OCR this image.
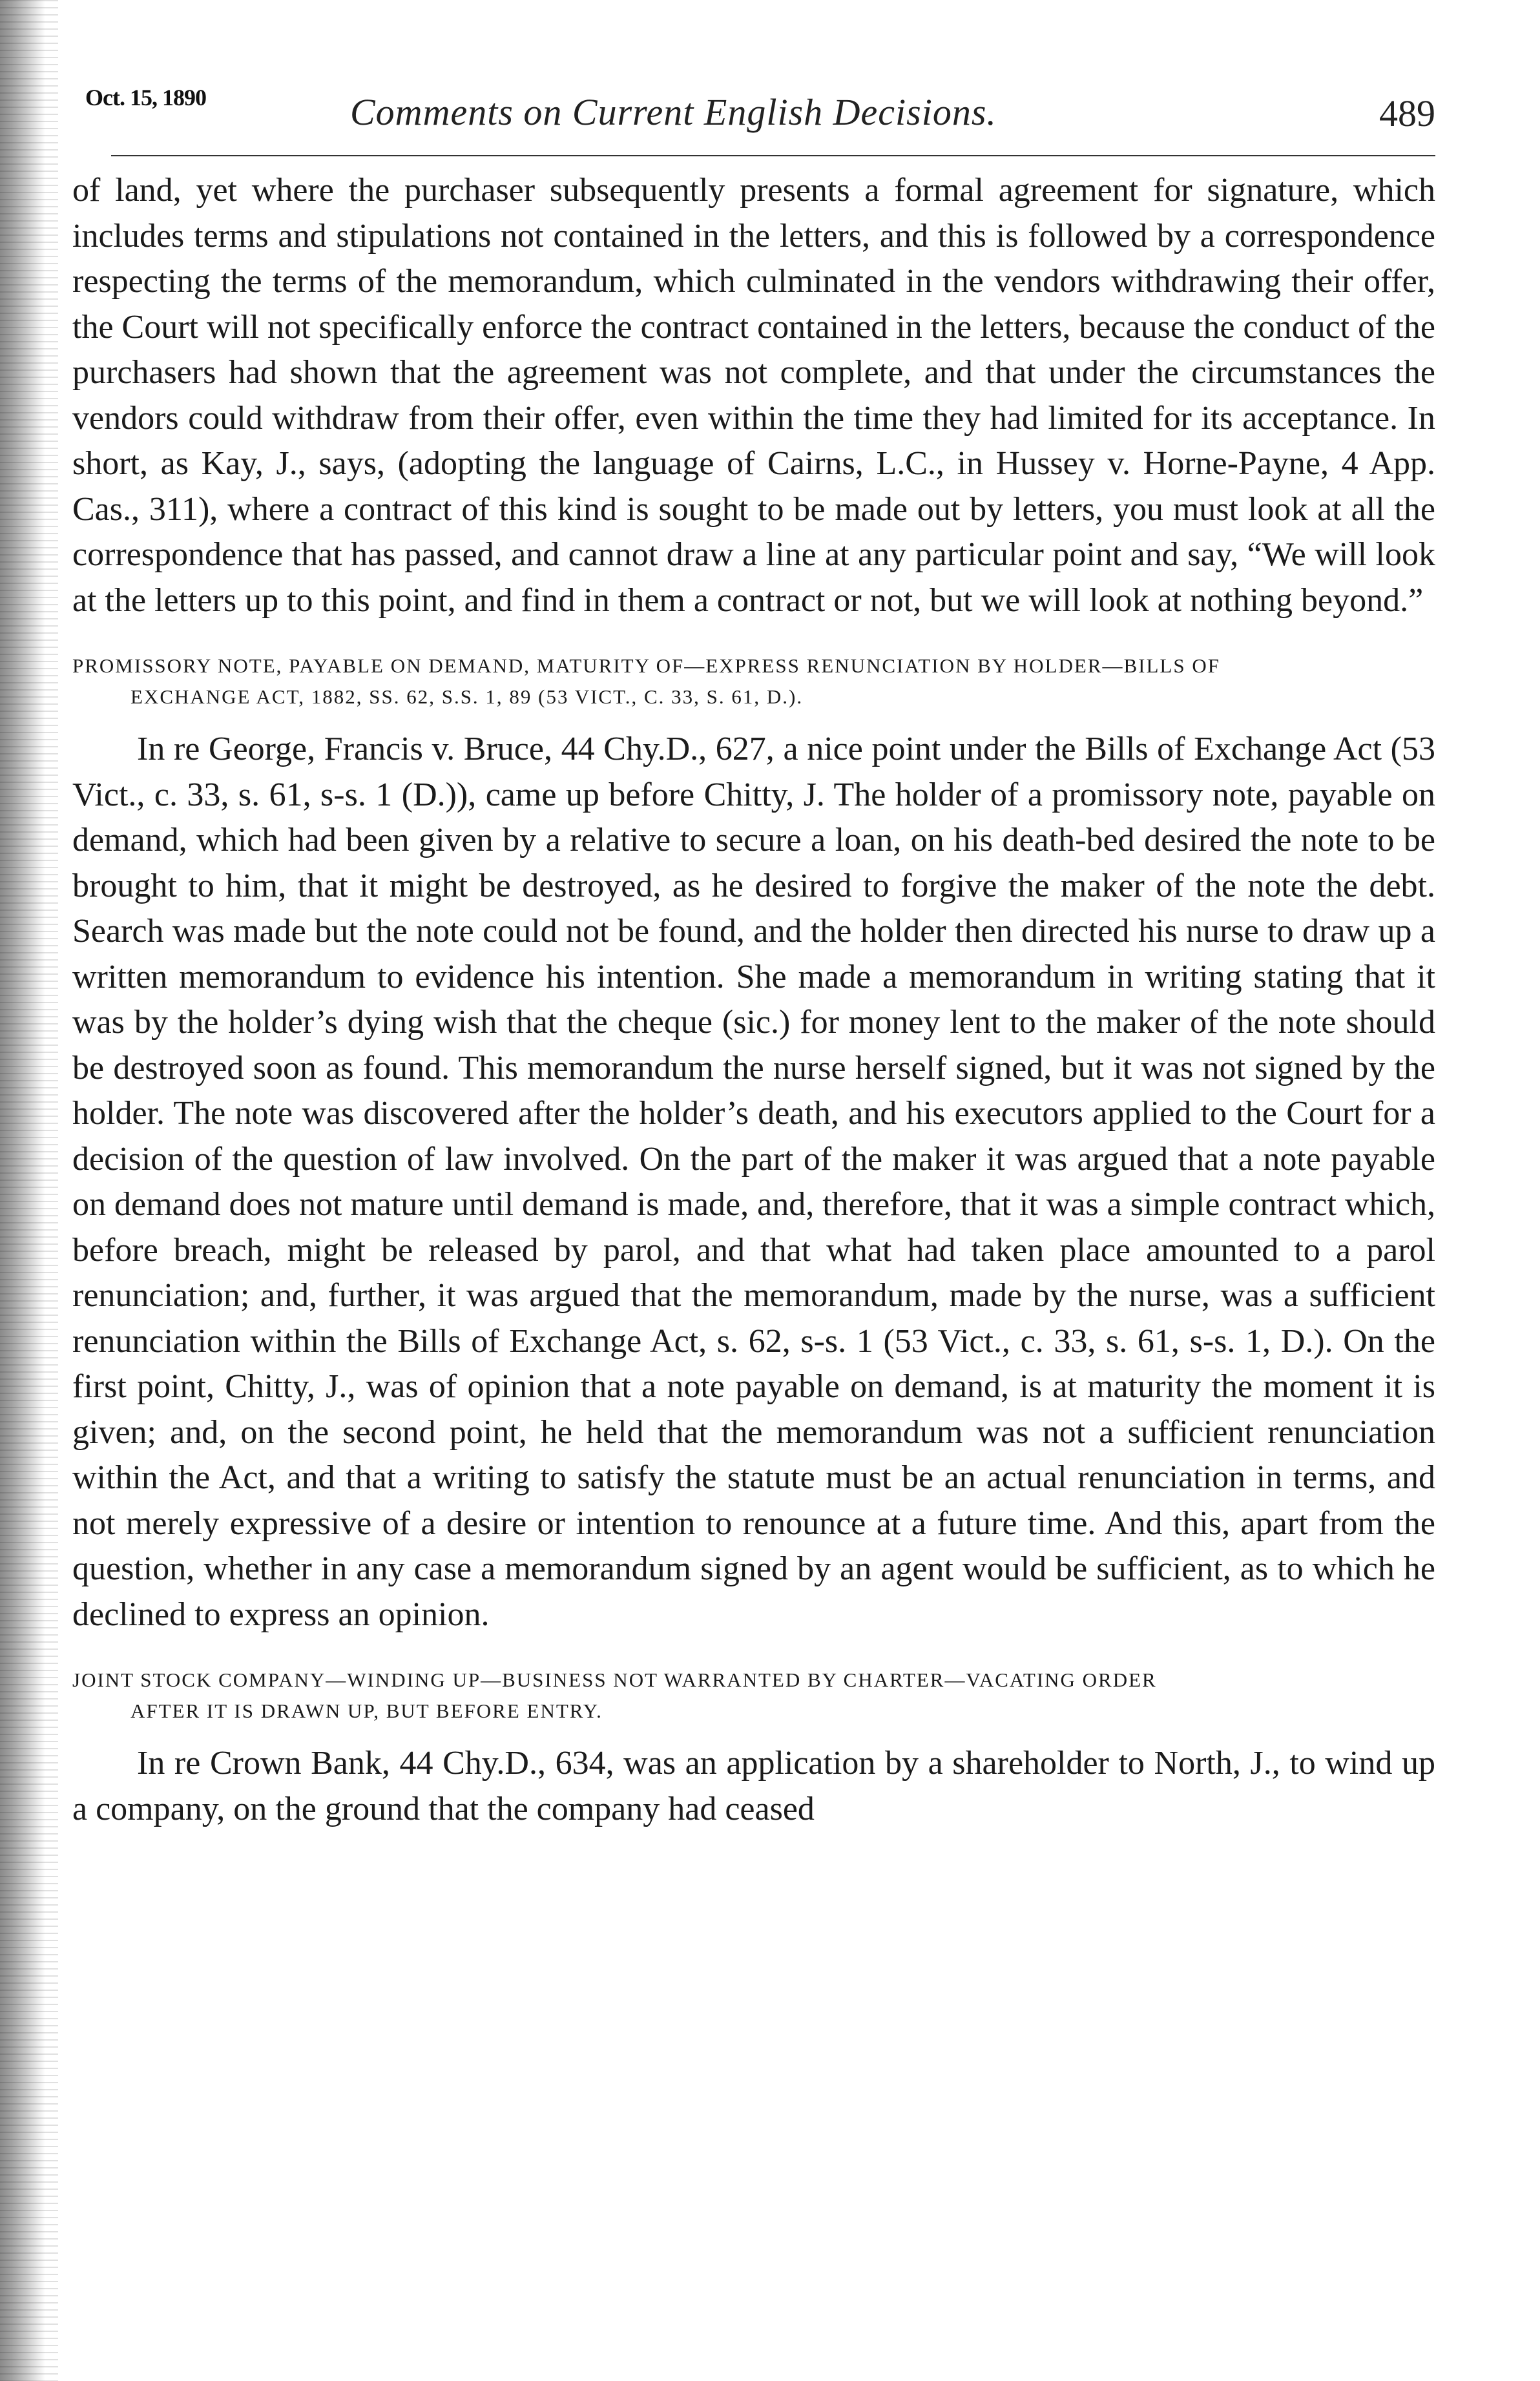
Oct. 15, 1890	Comments on Current English Decisions.	489

of land, yet where the purchaser subsequently presents a formal agreement for signature, which includes terms and stipulations not contained in the letters, and this is followed by a correspondence respecting the terms of the memorandum, which culminated in the vendors withdrawing their offer, the Court will not specifically enforce the contract contained in the letters, because the conduct of the purchasers had shown that the agreement was not complete, and that under the circumstances the vendors could withdraw from their offer, even within the time they had limited for its acceptance. In short, as Kay, J., says, (adopting the language of Cairns, L.C., in Hussey v. Horne-Payne, 4 App. Cas., 311), where a contract of this kind is sought to be made out by letters, you must look at all the correspondence that has passed, and cannot draw a line at any particular point and say, “We will look at the letters up to this point, and find in them a contract or not, but we will look at nothing beyond.”

PROMISSORY NOTE, PAYABLE ON DEMAND, MATURITY OF—EXPRESS RENUNCIATION BY HOLDER—BILLS OF
EXCHANGE ACT, 1882, SS. 62, S.S. 1, 89 (53 VICT., C. 33, S. 61, D.).

In re George, Francis v. Bruce, 44 Chy.D., 627, a nice point under the Bills of Exchange Act (53 Vict., c. 33, s. 61, s-s. 1 (D.)), came up before Chitty, J. The holder of a promissory note, payable on demand, which had been given by a relative to secure a loan, on his death-bed desired the note to be brought to him, that it might be destroyed, as he desired to forgive the maker of the note the debt. Search was made but the note could not be found, and the holder then directed his nurse to draw up a written memorandum to evidence his intention. She made a memorandum in writing stating that it was by the holder’s dying wish that the cheque (sic.) for money lent to the maker of the note should be destroyed soon as found. This memorandum the nurse herself signed, but it was not signed by the holder. The note was discovered after the holder’s death, and his executors applied to the Court for a decision of the question of law involved. On the part of the maker it was argued that a note payable on demand does not mature until demand is made, and, therefore, that it was a simple contract which, before breach, might be released by parol, and that what had taken place amounted to a parol renunciation; and, further, it was argued that the memorandum, made by the nurse, was a sufficient renunciation within the Bills of Exchange Act, s. 62, s-s. 1 (53 Vict., c. 33, s. 61, s-s. 1, D.). On the first point, Chitty, J., was of opinion that a note payable on demand, is at maturity the moment it is given; and, on the second point, he held that the memorandum was not a sufficient renunciation within the Act, and that a writing to satisfy the statute must be an actual renunciation in terms, and not merely expressive of a desire or intention to renounce at a future time. And this, apart from the question, whether in any case a memorandum signed by an agent would be sufficient, as to which he declined to express an opinion.

JOINT STOCK COMPANY—WINDING UP—BUSINESS NOT WARRANTED BY CHARTER—VACATING ORDER
AFTER IT IS DRAWN UP, BUT BEFORE ENTRY.

In re Crown Bank, 44 Chy.D., 634, was an application by a shareholder to North, J., to wind up a company, on the ground that the company had ceased
